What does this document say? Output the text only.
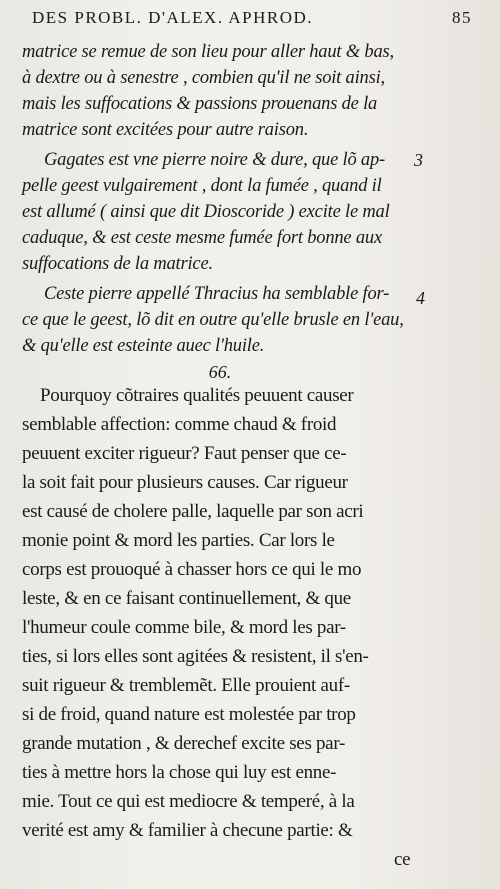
DES PROBL. D'ALEX. APHROD.	85
matrice se remue de son lieu pour aller haut & bas,
à dextre ou à senestre , combien qu'il ne soit ainsi,
mais les suffocations & passions prouenans de la
matrice sont excitées pour autre raison.
Gagates est vne pierre noire & dure, que lõ ap-	3
pelle geest vulgairement , dont la fumée , quand il
est allumé ( ainsi que dit Dioscoride ) excite le mal
caduque, & est ceste mesme fumée fort bonne aux
suffocations de la matrice.
Ceste pierre appellé Thracius ha semblable for-	4
ce que le geest, lõ dit en outre qu'elle brusle en l'eau,
& qu'elle est esteinte auec l'huile.
66.
Pourquoy cõtraires qualités peuuent causer
semblable affection: comme chaud & froid
peuuent exciter rigueur? Faut penser que ce-
la soit fait pour plusieurs causes. Car rigueur
est causé de cholere palle, laquelle par son acri
monie point & mord les parties. Car lors le
corps est prouoqué à chasser hors ce qui le mo
leste, & en ce faisant continuellement, & que
l'humeur coule comme bile, & mord les par-
ties, si lors elles sont agitées & resistent, il s'en-
suit rigueur & tremblemẽt. Elle prouient auf-
si de froid, quand nature est molestée par trop
grande mutation , & derechef excite ses par-
ties à mettre hors la chose qui luy est enne-
mie. Tout ce qui est mediocre & temperé, à la
verité est amy & familier à checune partie: &
ce
